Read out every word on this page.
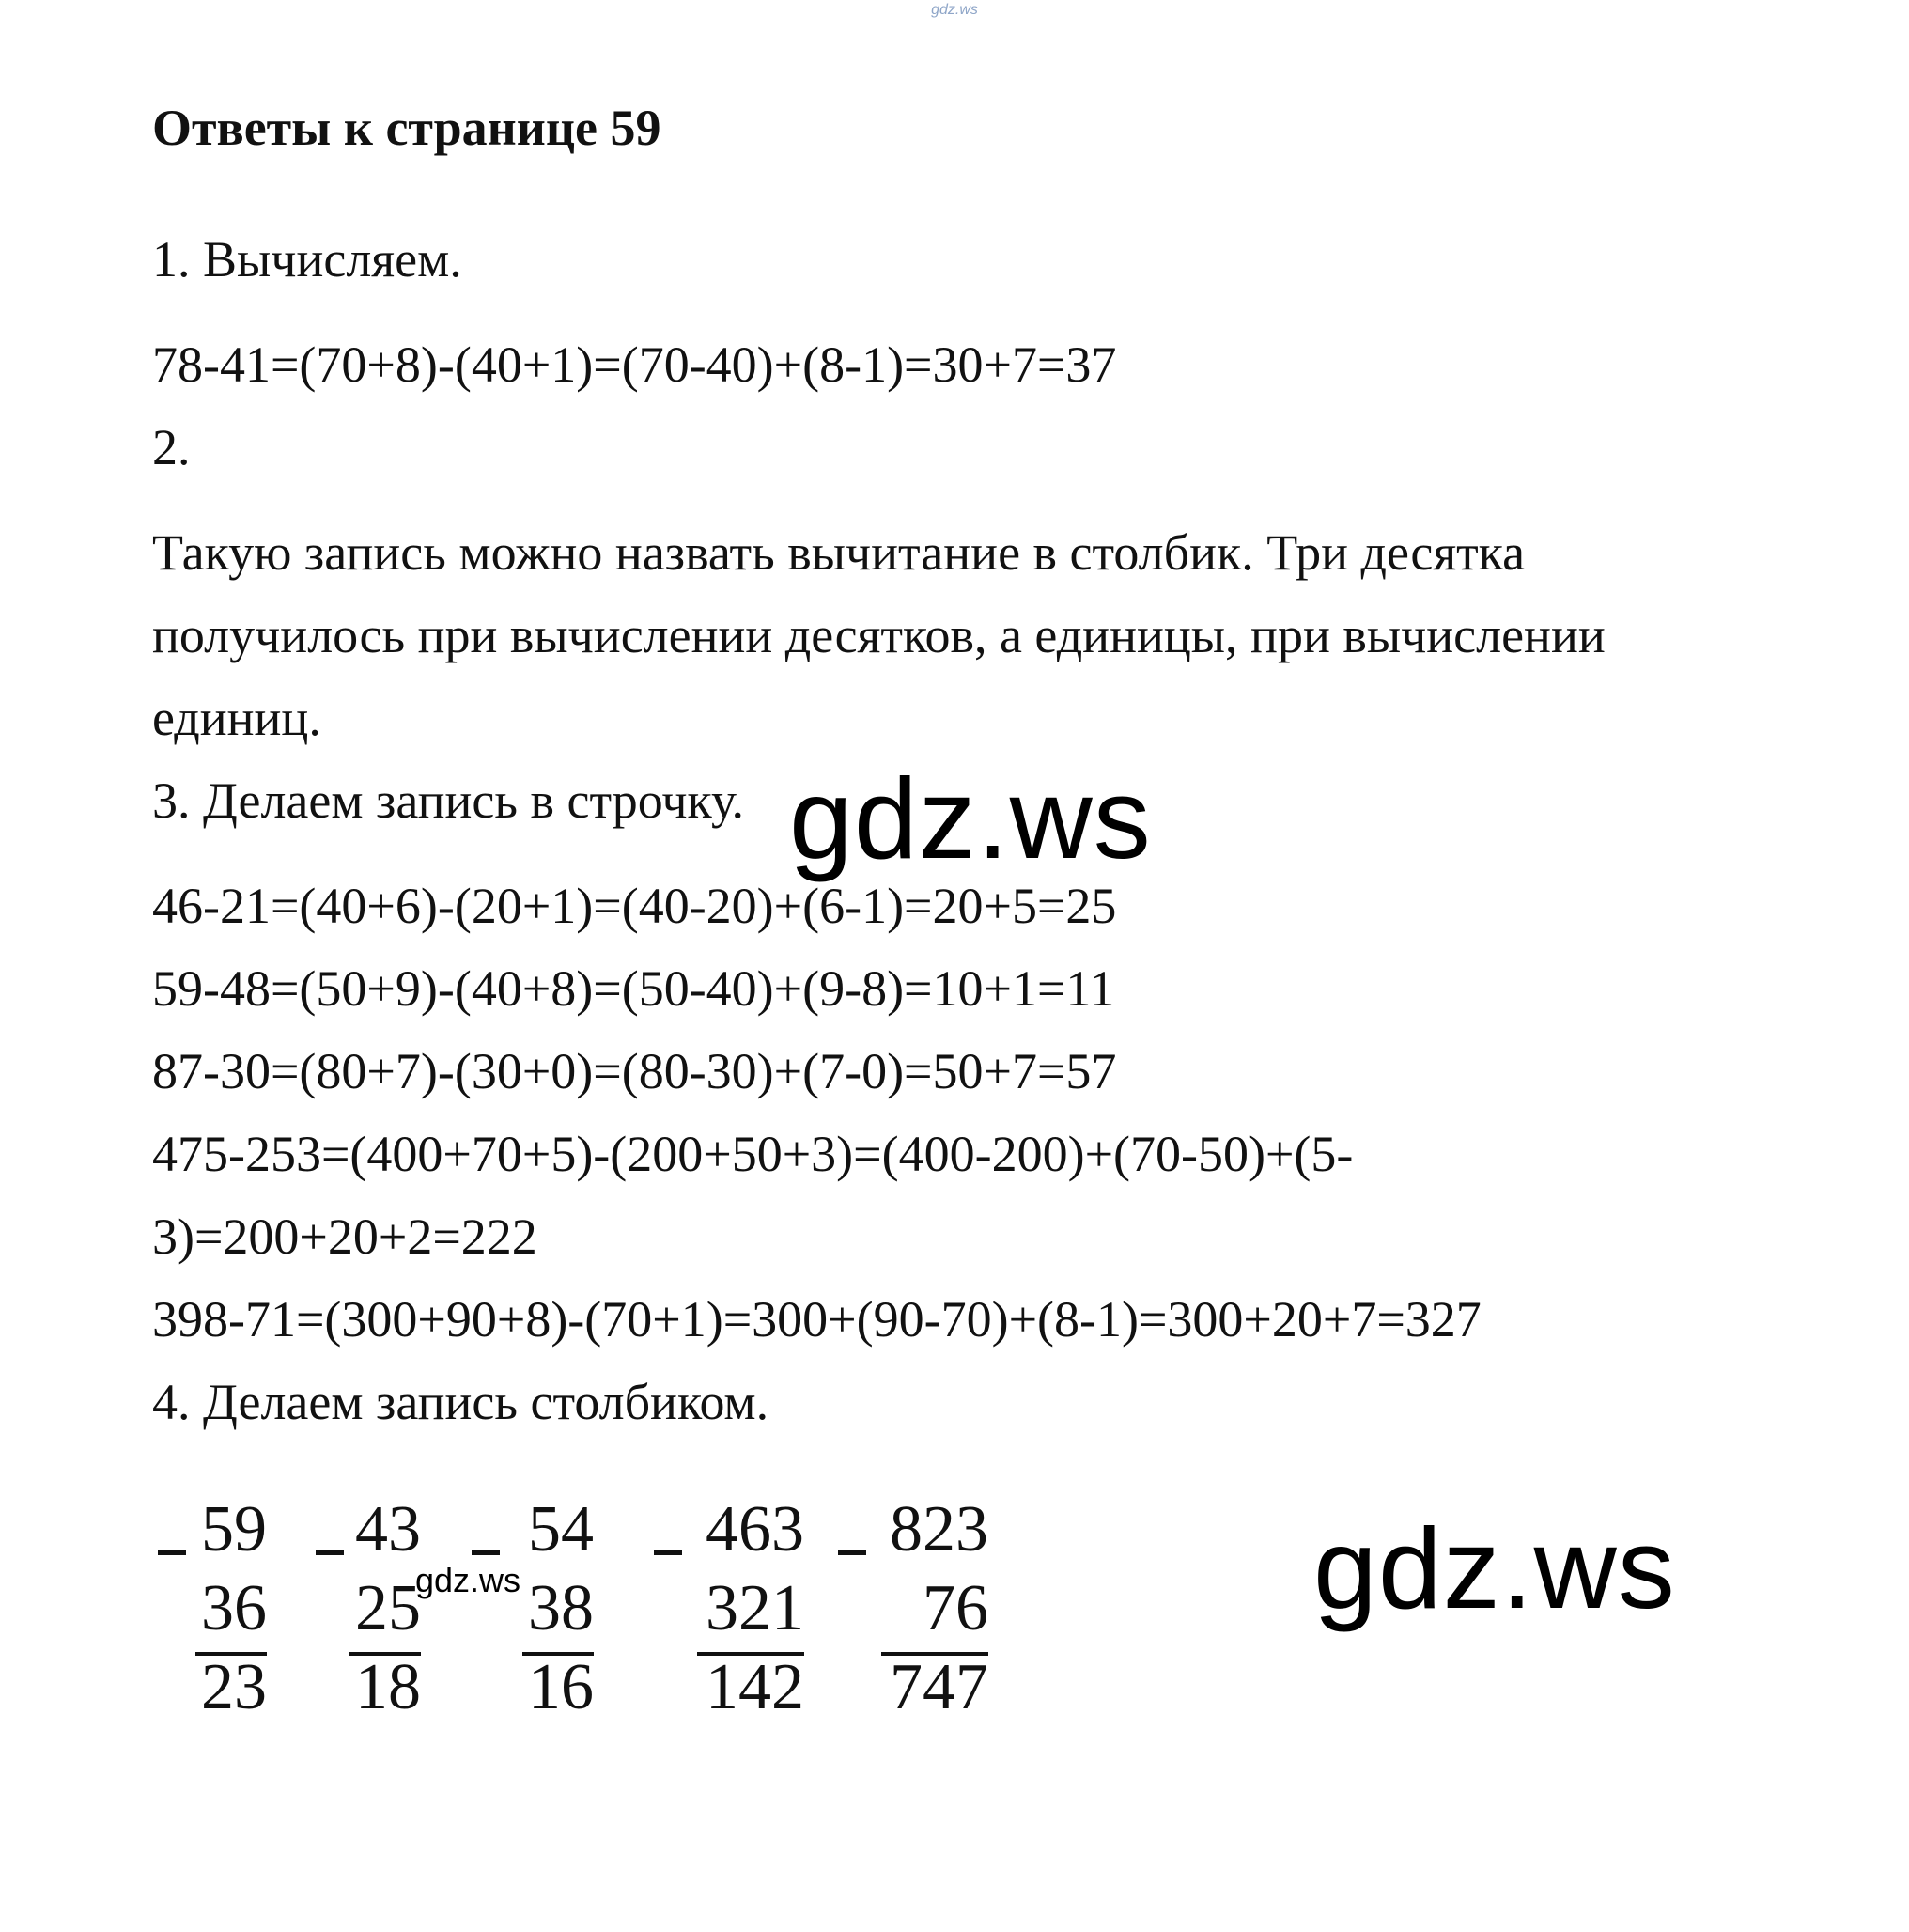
gdz.ws
Ответы к странице 59

1. Вычисляем.

78-41=(70+8)-(40+1)=(70-40)+(8-1)=30+7=37

2.

Такую запись можно назвать вычитание в столбик. Три десятка

получилось при вычислении десятков, а единицы, при вычислении

единиц.

3. Делаем запись в строчку.

46-21=(40+6)-(20+1)=(40-20)+(6-1)=20+5=25

59-48=(50+9)-(40+8)=(50-40)+(9-8)=10+1=11

87-30=(80+7)-(30+0)=(80-30)+(7-0)=50+7=57

475-253=(400+70+5)-(200+50+3)=(400-200)+(70-50)+(5-

3)=200+20+2=222

398-71=(300+90+8)-(70+1)=300+(90-70)+(8-1)=300+20+7=327

4. Делаем запись столбиком.

59
36
23
43
25
18
54
38
16
463
321
142
823
76
747
gdz.ws
gdz.ws
gdz.ws
